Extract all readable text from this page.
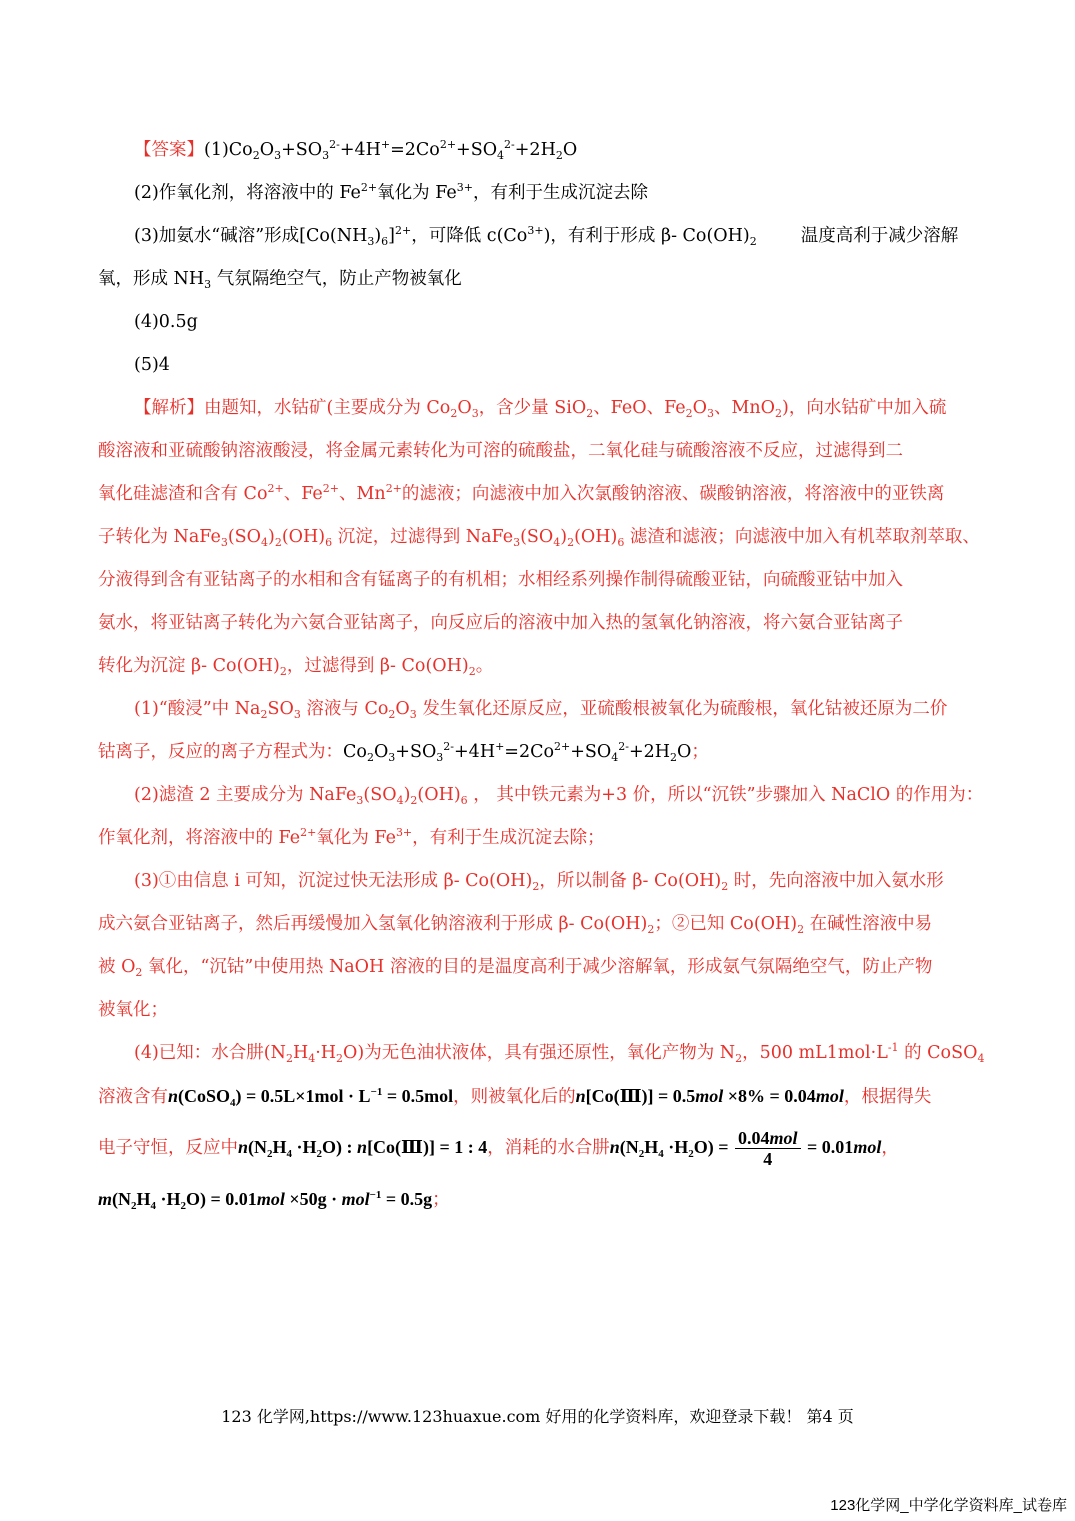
【答案】$(1)Co_2O_3+SO_3^{2-}+4H^+=2Co^{2+}+SO_4^{2-}+2H_2O$
(2)作氧化剂，将溶液中的 $Fe^{2+}$氧化为 $Fe^{3+}$，有利于生成沉淀去除
(3)加氨水“碱溶”形成$[Co(NH_3)_6]^{2+}$，可降低 $c(Co^{3+})$，有利于形成 β- $Co(OH)_2$	温度高利于减少溶解
氧，形成 $NH_3$ 气氛隔绝空气，防止产物被氧化
(4)0.5g
(5)4
【解析】由题知，水钴矿(主要成分为 $Co_2O_3$，含少量 SiO$_2$、FeO、$Fe_2O_3$、MnO$_2$)，向水钴矿中加入硫
酸溶液和亚硫酸钠溶液酸浸，将金属元素转化为可溶的硫酸盐，二氧化硅与硫酸溶液不反应，过滤得到二
氧化硅滤渣和含有 $Co^{2+}$、$Fe^{2+}$、$Mn^{2+}$的滤液；向滤液中加入次氯酸钠溶液、碳酸钠溶液，将溶液中的亚铁离
子转化为 $NaFe_3(SO_4)_2(OH)_6$ 沉淀，过滤得到 $NaFe_3(SO_4)_2(OH)_6$ 滤渣和滤液；向滤液中加入有机萃取剂萃取、
分液得到含有亚钴离子的水相和含有锰离子的有机相；水相经系列操作制得硫酸亚钴，向硫酸亚钴中加入
氨水，将亚钴离子转化为六氨合亚钴离子，向反应后的溶液中加入热的氢氧化钠溶液，将六氨合亚钴离子
转化为沉淀 β- $Co(OH)_2$，过滤得到 β- $Co(OH)_2$。
(1)“酸浸”中 $Na_2SO_3$ 溶液与 $Co_2O_3$ 发生氧化还原反应，亚硫酸根被氧化为硫酸根，氧化钴被还原为二价
钴离子，反应的离子方程式为：$Co_2O_3+SO_3^{2-}+4H^+=2Co^{2+}+SO_4^{2-}+2H_2O$；
(2)滤渣 2 主要成分为 $NaFe_3(SO_4)_2(OH)_6$ ， 其中铁元素为+3 价，所以“沉铁”步骤加入 NaClO 的作用为：
作氧化剂，将溶液中的 $Fe^{2+}$氧化为 $Fe^{3+}$，有利于生成沉淀去除；
(3)①由信息 i 可知，沉淀过快无法形成 β- $Co(OH)_2$，所以制备 β- $Co(OH)_2$ 时，先向溶液中加入氨水形
成六氨合亚钴离子，然后再缓慢加入氢氧化钠溶液利于形成 β- $Co(OH)_2$；②已知 $Co(OH)_2$ 在碱性溶液中易
被 $O_2$ 氧化，“沉钴”中使用热 NaOH 溶液的目的是温度高利于减少溶解氧，形成氨气氛隔绝空气，防止产物
被氧化；
(4)已知：水合肼$(N_2H_4\cdot H_2O)$为无色油状液体，具有强还原性，氧化产物为 $N_2$，500 $mL1mol\cdot L^{-1}$ 的 CoSO$_4$
溶液含有n(CoSO$_4$) = $0.5L\times 1mol \cdot L^{-1} = 0.5mol$，则被氧化后的n[Co(Ⅲ)] = 0.5mol ×8% = 0.04mol，根据得失
电子守恒，反应中$n(N_2H_4 \cdot H_2O)$ : n[Co(Ⅲ)] = 1 : 4，消耗的水合肼$n(N_2H_4 \cdot H_2O) = \frac{\text{0.04mol}}{4} = 0.01mol$，
$m(N_2H_4 \cdot H_2O) = 0.01mol \times 50g \cdot mol^{-1} = 0.5g$；
123 化学网,https://www.123huaxue.com 好用的化学资料库，欢迎登录下载！ 第4 页
123化学网_中学化学资料库_试卷库
